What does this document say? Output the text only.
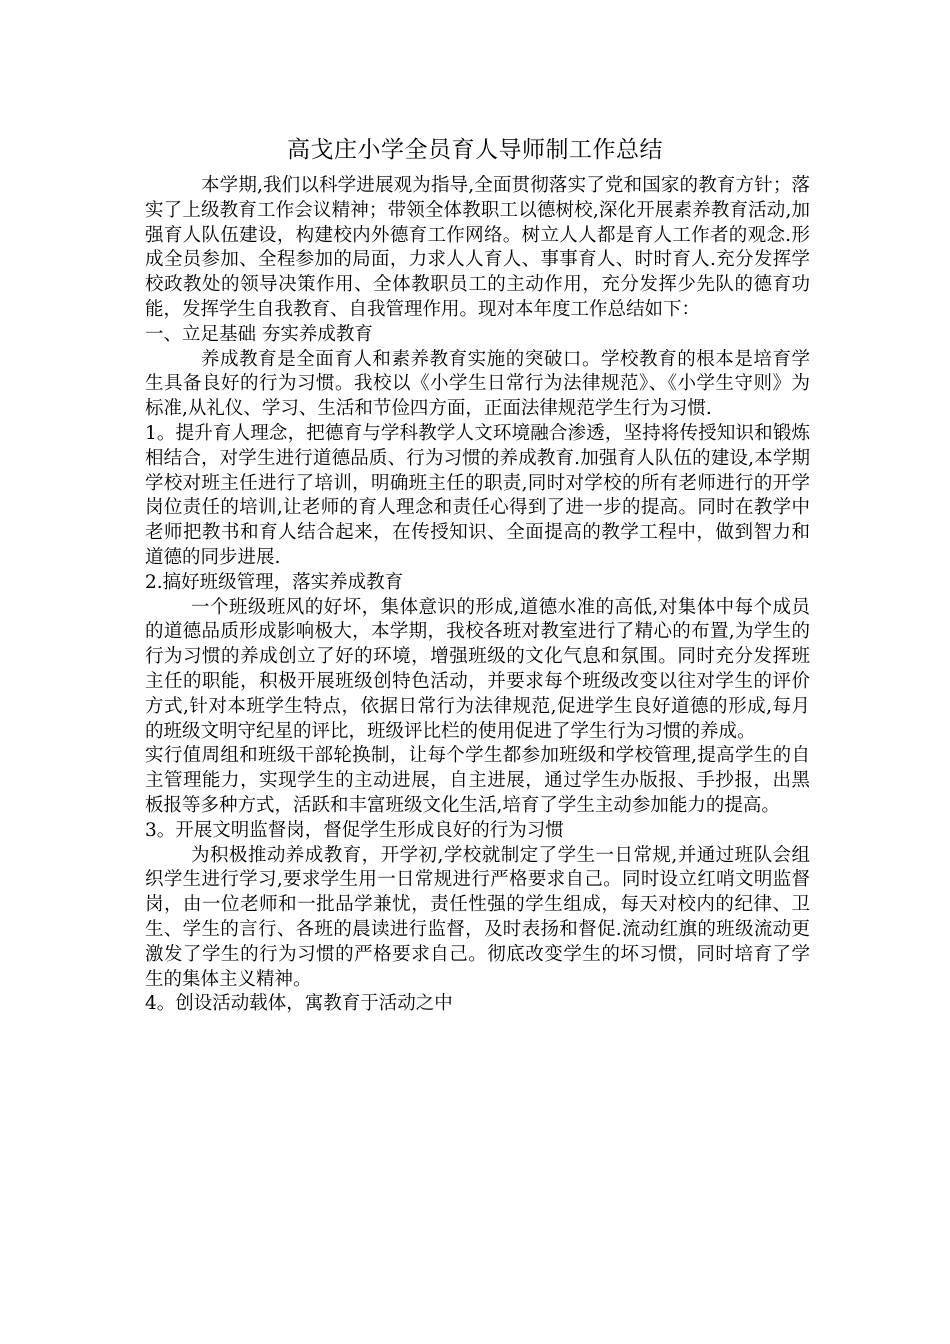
高戈庄小学全员育人导师制工作总结

本学期,我们以科学进展观为指导,全面贯彻落实了党和国家的教育方针；落实了上级教育工作会议精神；带领全体教职工以德树校,深化开展素养教育活动,加强育人队伍建设，构建校内外德育工作网络。树立人人都是育人工作者的观念.形成全员参加、全程参加的局面，力求人人育人、事事育人、时时育人.充分发挥学校政教处的领导决策作用、全体教职员工的主动作用，充分发挥少先队的德育功能，发挥学生自我教育、自我管理作用。现对本年度工作总结如下：

一、立足基础 夯实养成教育

养成教育是全面育人和素养教育实施的突破口。学校教育的根本是培育学生具备良好的行为习惯。我校以《小学生日常行为法律规范》、《小学生守则》为标准,从礼仪、学习、生活和节俭四方面，正面法律规范学生行为习惯.

1。提升育人理念，把德育与学科教学人文环境融合渗透，坚持将传授知识和锻炼相结合，对学生进行道德品质、行为习惯的养成教育.加强育人队伍的建设,本学期学校对班主任进行了培训，明确班主任的职责,同时对学校的所有老师进行的开学岗位责任的培训,让老师的育人理念和责任心得到了进一步的提高。同时在教学中老师把教书和育人结合起来，在传授知识、全面提高的教学工程中，做到智力和道德的同步进展.

2.搞好班级管理，落实养成教育

一个班级班风的好坏，集体意识的形成,道德水准的高低,对集体中每个成员的道德品质形成影响极大，本学期，我校各班对教室进行了精心的布置,为学生的行为习惯的养成创立了好的环境，增强班级的文化气息和氛围。同时充分发挥班主任的职能，积极开展班级创特色活动，并要求每个班级改变以往对学生的评价方式,针对本班学生特点，依据日常行为法律规范,促进学生良好道德的形成,每月的班级文明守纪星的评比，班级评比栏的使用促进了学生行为习惯的养成。

实行值周组和班级干部轮换制，让每个学生都参加班级和学校管理,提高学生的自主管理能力，实现学生的主动进展，自主进展，通过学生办版报、手抄报，出黑板报等多种方式，活跃和丰富班级文化生活,培育了学生主动参加能力的提高。

3。开展文明监督岗，督促学生形成良好的行为习惯

为积极推动养成教育，开学初,学校就制定了学生一日常规,并通过班队会组织学生进行学习,要求学生用一日常规进行严格要求自己。同时设立红哨文明监督岗，由一位老师和一批品学兼忧，责任性强的学生组成，每天对校内的纪律、卫生、学生的言行、各班的晨读进行监督，及时表扬和督促.流动红旗的班级流动更激发了学生的行为习惯的严格要求自己。彻底改变学生的坏习惯，同时培育了学生的集体主义精神。

4。创设活动载体，寓教育于活动之中
